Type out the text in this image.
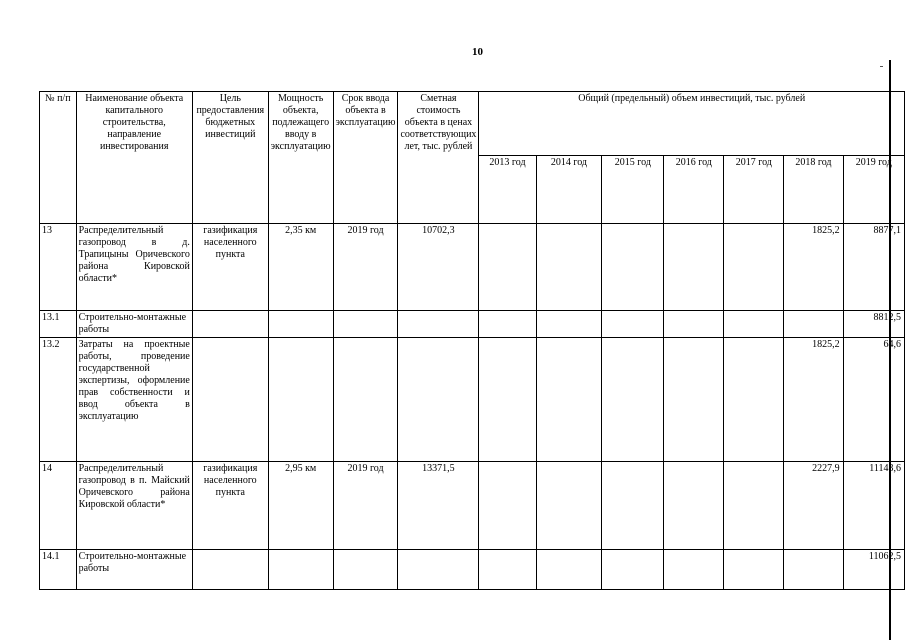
10
№ п/п	Наименование объекта капитального строительства, направление инвестирования	Цель предоставления бюджетных инвестиций	Мощность объекта, подлежащего вводу в эксплуатацию	Срок ввода объекта в эксплуатацию	Сметная стоимость объекта в ценах соответствующих лет, тыс. рублей	Общий (предельный) объем инвестиций, тыс. рублей						
						2013 год	2014 год	2015 год	2016 год	2017 год	2018 год	2019 год
13	Распределительный газопровод в д. Трапицыны Оричевского района Кировской области*	газификация населенного пункта	2,35 км	2019 год	10702,3						1825,2	8877,1
13.1	Строительно-монтажные работы											8812,5
13.2	Затраты на проектные работы, проведение государственной экспертизы, оформление прав собственности и ввод объекта в эксплуатацию										1825,2	64,6
14	Распределительный газопровод в п. Майский Оричевского района Кировской области*	газификация населенного пункта	2,95 км	2019 год	13371,5						2227,9	11143,6
14.1	Строительно-монтажные работы											11062,5
